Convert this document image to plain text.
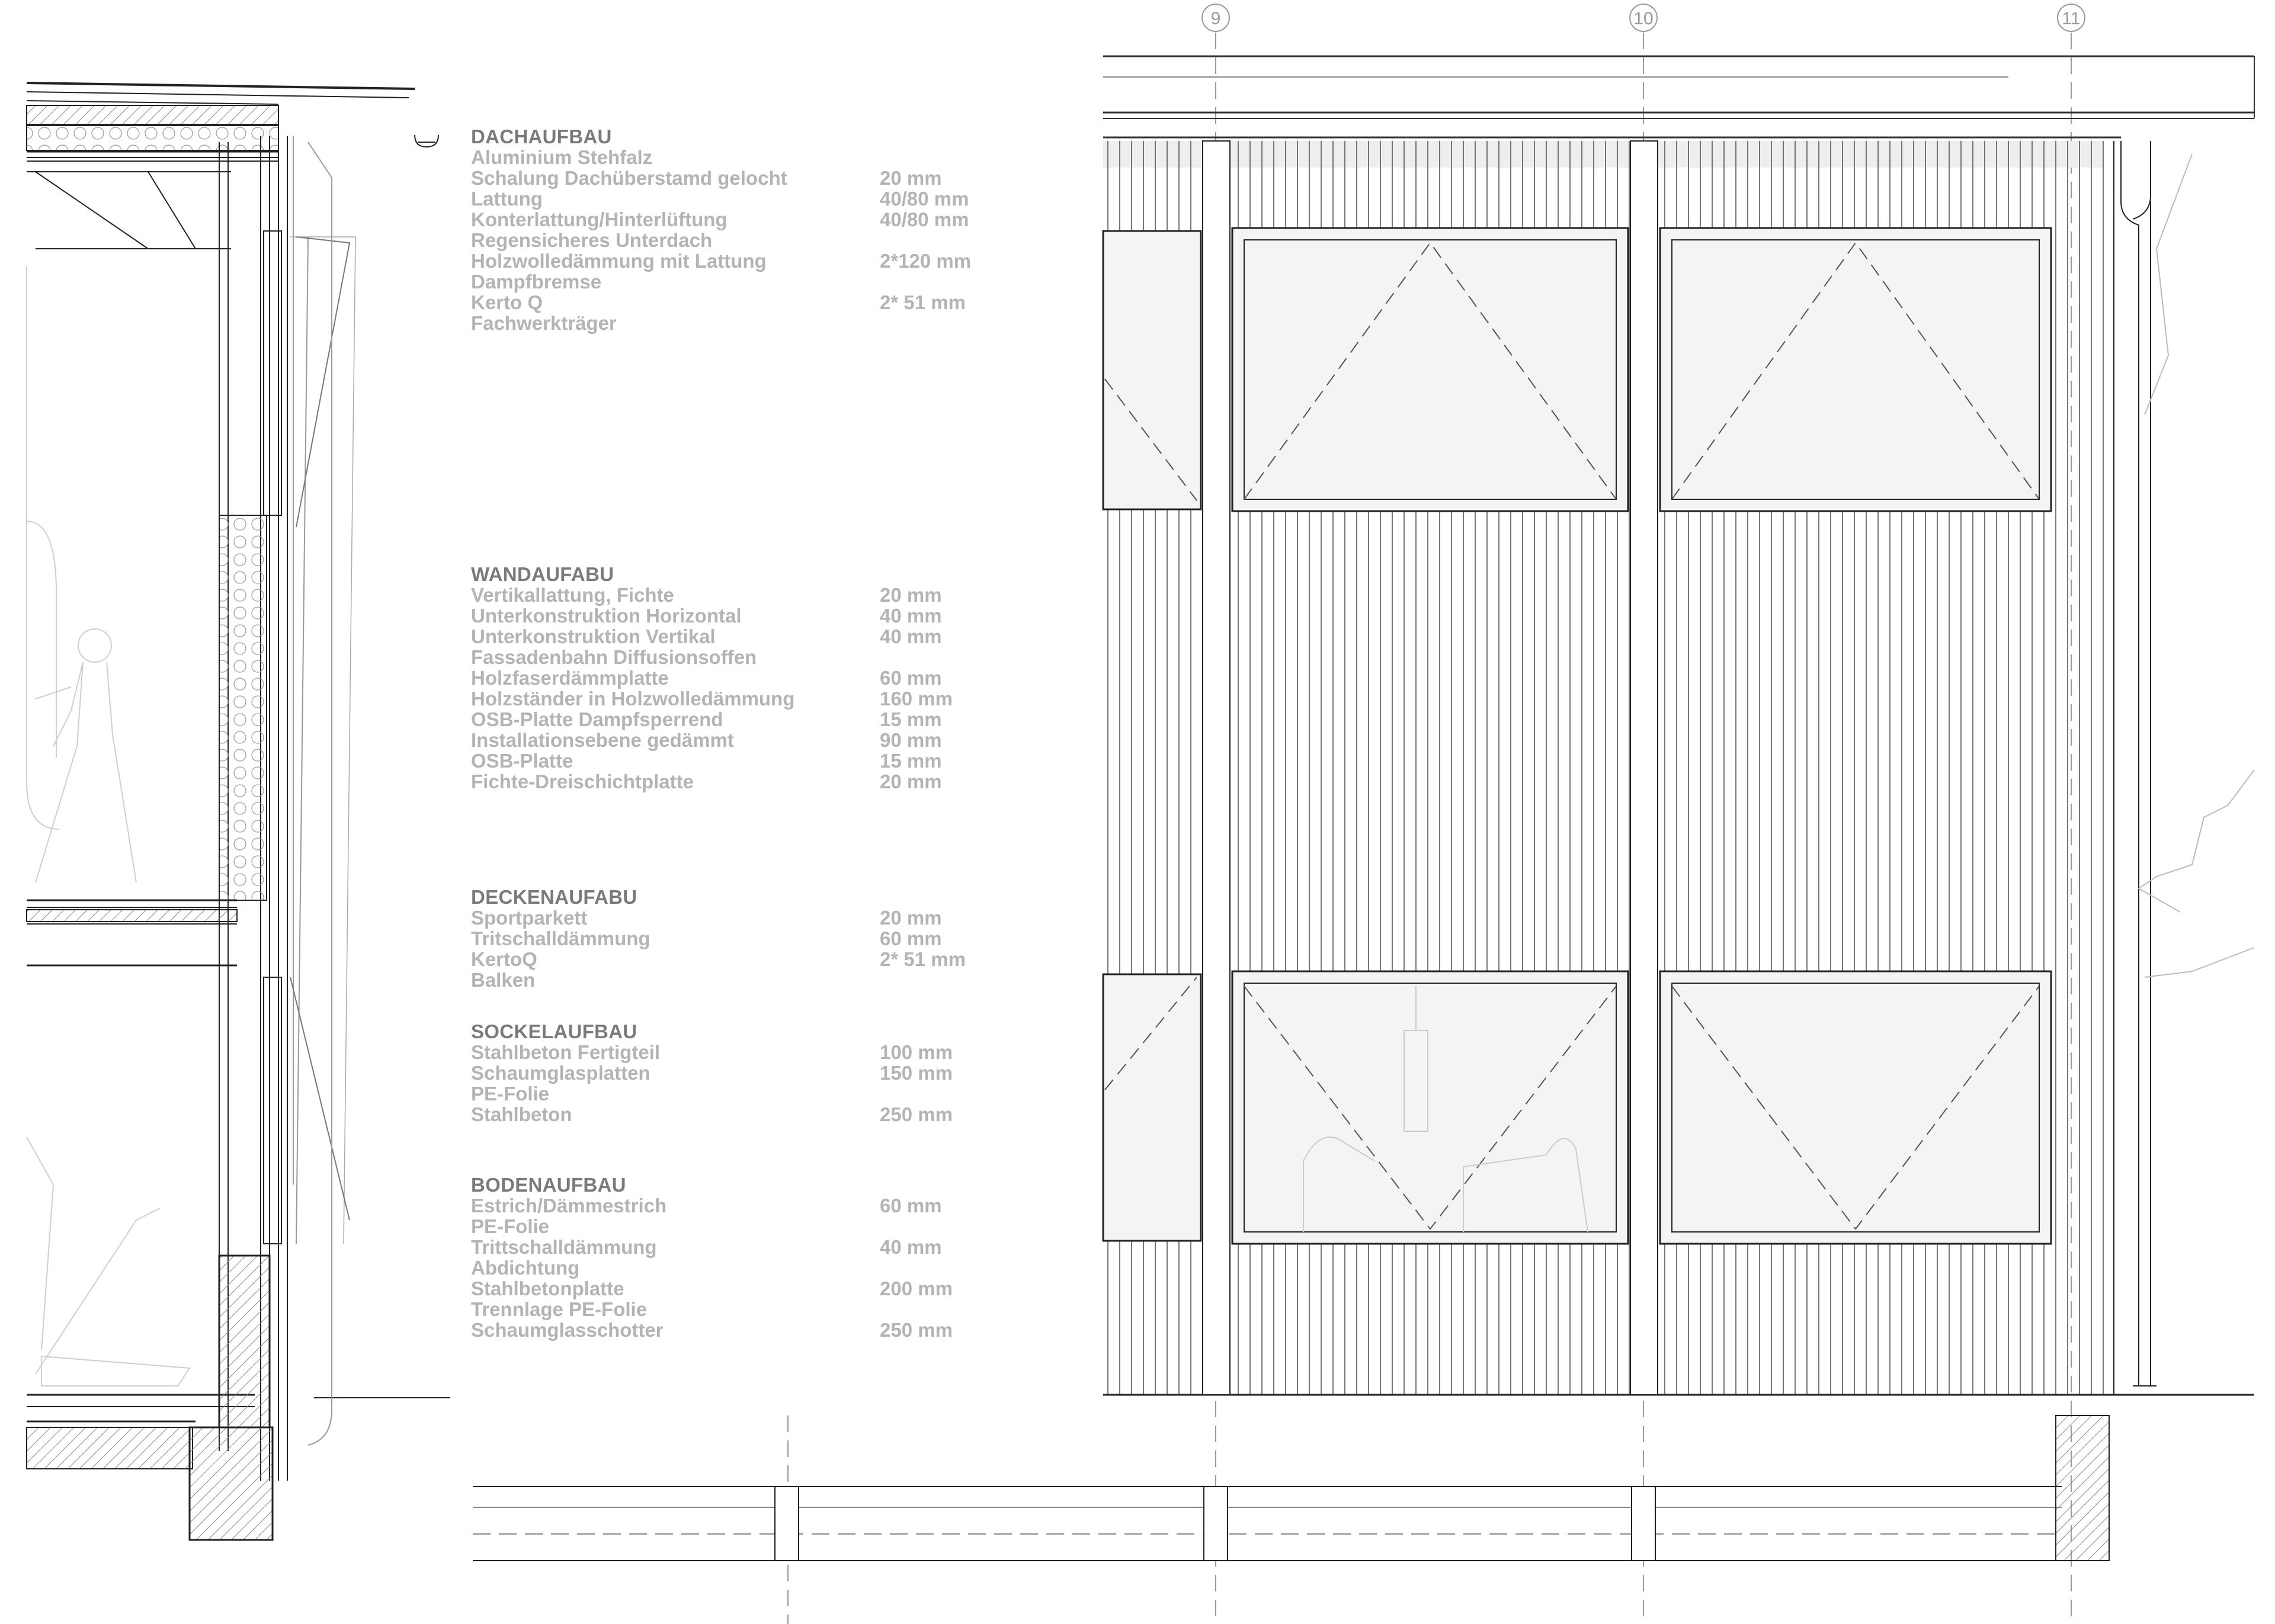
9	10	11
DACHAUFBAU
Aluminium Stehfalz
Schalung Dachüberstamd gelocht	20 mm
Lattung	40/80 mm
Konterlattung/Hinterlüftung	40/80 mm
Regensicheres Unterdach
Holzwolledämmung mit Lattung	2*120 mm
Dampfbremse
Kerto Q	2* 51 mm
Fachwerkträger
WANDAUFABU
Vertikallattung, Fichte	20 mm
Unterkonstruktion Horizontal	40 mm
Unterkonstruktion Vertikal	40 mm
Fassadenbahn Diffusionsoffen
Holzfaserdämmplatte	60 mm
Holzständer in Holzwolledämmung	160 mm
OSB-Platte Dampfsperrend	15 mm
Installationsebene gedämmt	90 mm
OSB-Platte	15 mm
Fichte-Dreischichtplatte	20 mm
DECKENAUFABU
Sportparkett	20 mm
Tritschalldämmung	60 mm
KertoQ	2* 51 mm
Balken
SOCKELAUFBAU
Stahlbeton Fertigteil	100 mm
Schaumglasplatten	150 mm
PE-Folie
Stahlbeton	250 mm
BODENAUFBAU
Estrich/Dämmestrich	60 mm
PE-Folie
Trittschalldämmung	40 mm
Abdichtung
Stahlbetonplatte	200 mm
Trennlage PE-Folie
Schaumglasschotter	250 mm
